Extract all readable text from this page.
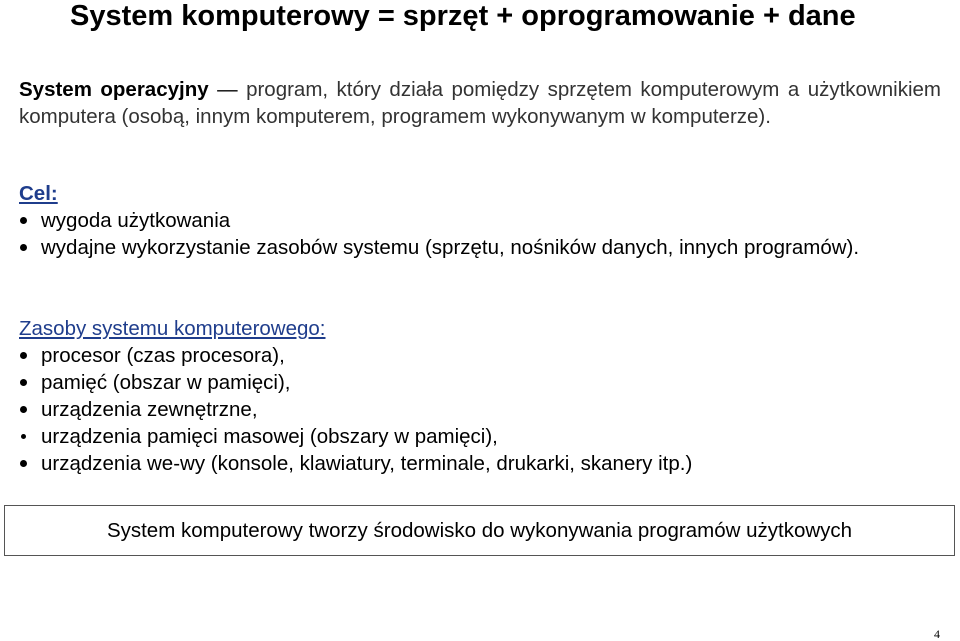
System komputerowy = sprzęt + oprogramowanie + dane
System operacyjny — program, który działa pomiędzy sprzętem komputerowym a użytkownikiem komputera (osobą, innym komputerem, programem wykonywanym w komputerze).
Cel:
wygoda użytkowania
wydajne wykorzystanie zasobów systemu (sprzętu, nośników danych, innych programów).
Zasoby systemu komputerowego:
procesor (czas procesora),
pamięć (obszar w pamięci),
urządzenia zewnętrzne,
urządzenia pamięci masowej (obszary w pamięci),
urządzenia we-wy (konsole, klawiatury, terminale, drukarki, skanery itp.)
System komputerowy tworzy środowisko do wykonywania programów użytkowych
4
